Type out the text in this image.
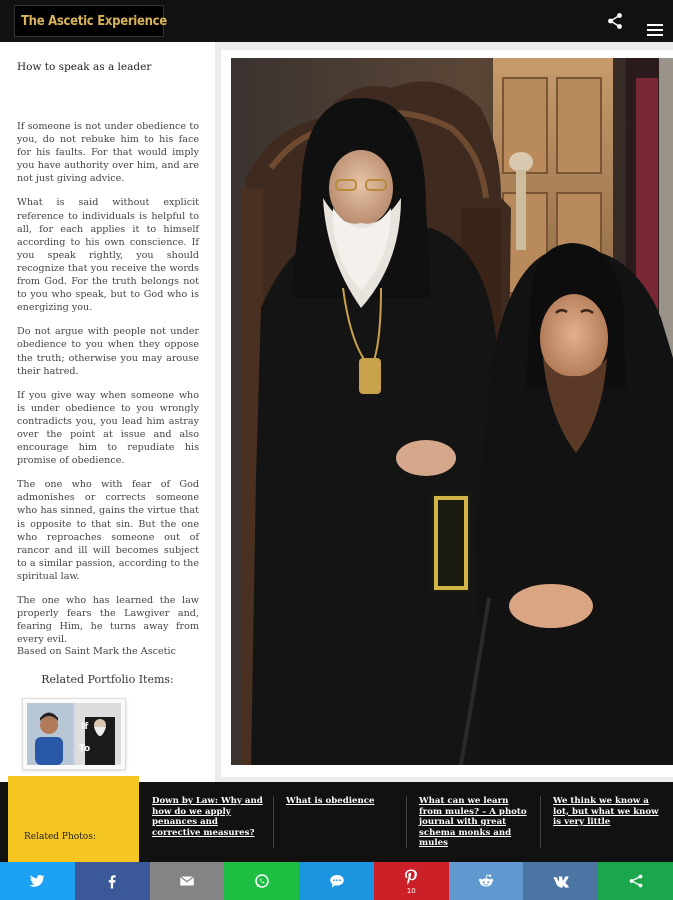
The Ascetic Experience
How to speak as a leader

If someone is not under obedience to you, do not rebuke him to his face for his faults. For that would imply you have authority over him, and are not just giving advice.

What is said without explicit reference to individuals is helpful to all, for each applies it to himself according to his own conscience. If you speak rightly, you should recognize that you receive the words from God. For the truth belongs not to you who speak, but to God who is energizing you.

Do not argue with people not under obedience to you when they oppose the truth; otherwise you may arouse their hatred.

If you give way when someone who is under obedience to you wrongly contradicts you, you lead him astray over the point at issue and also encourage him to repudiate his promise of obedience.

The one who with fear of God admonishes or corrects someone who has sinned, gains the virtue that is opposite to that sin. But the one who reproaches someone out of rancor and ill will becomes subject to a similar passion, according to the spiritual law.

The one who has learned the law properly fears the Lawgiver and, fearing Him, he turns away from every evil.

Based on Saint Mark the Ascetic
Related Portfolio Items:
If
To
Related Photos:
Down by Law: Why and how do we apply penances and corrective measures?
What is obedience	What can we learn from mules? – A photo journal with great schema monks and mules
We think we know a lot, but what we know is very little
10
